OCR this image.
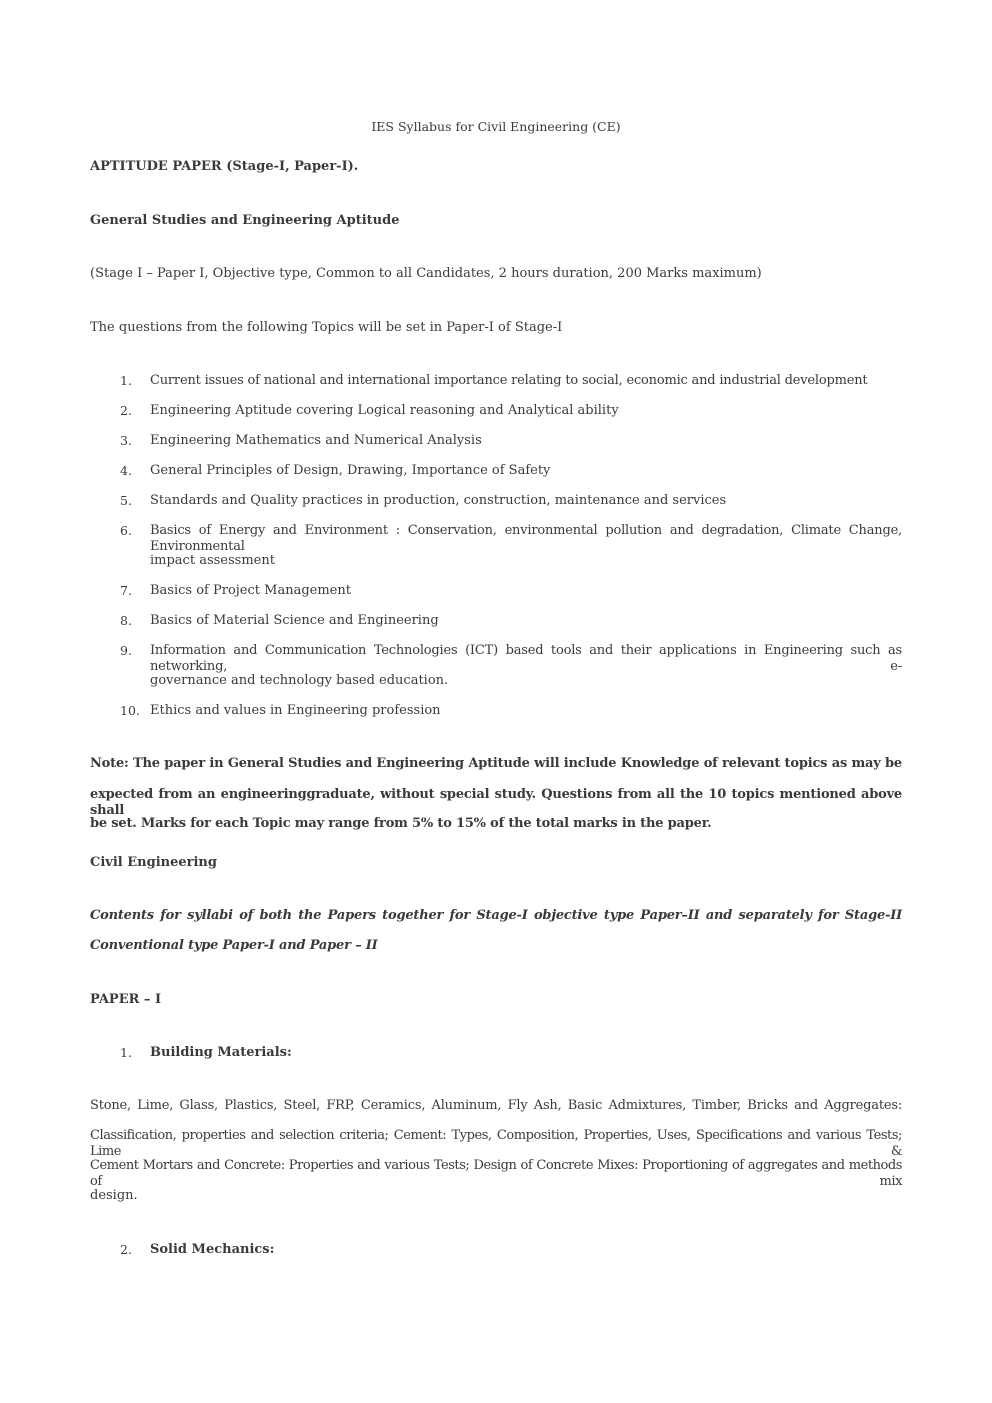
IES Syllabus for Civil Engineering (CE)

APTITUDE PAPER (Stage-I, Paper-I).

General Studies and Engineering Aptitude

(Stage I – Paper I, Objective type, Common to all Candidates, 2 hours duration, 200 Marks maximum)

The questions from the following Topics will be set in Paper-I of Stage-I

1. Current issues of national and international importance relating to social, economic and industrial development

2. Engineering Aptitude covering Logical reasoning and Analytical ability

3. Engineering Mathematics and Numerical Analysis

4. General Principles of Design, Drawing, Importance of Safety

5. Standards and Quality practices in production, construction, maintenance and services

6. Basics of Energy and Environment : Conservation, environmental pollution and degradation, Climate Change, Environmental

impact assessment

7. Basics of Project Management

8. Basics of Material Science and Engineering

9. Information and Communication Technologies (ICT) based tools and their applications in Engineering such as networking, e-

governance and technology based education.

10. Ethics and values in Engineering profession

Note: The paper in General Studies and Engineering Aptitude will include Knowledge of relevant topics as may be

expected from an engineeringgraduate, without special study. Questions from all the 10 topics mentioned above shall

be set. Marks for each Topic may range from 5% to 15% of the total marks in the paper.

Civil Engineering

Contents for syllabi of both the Papers together for Stage-I objective type Paper–II and separately for Stage-II

Conventional type Paper-I and Paper – II

PAPER – I

1. Building Materials:

Stone, Lime, Glass, Plastics, Steel, FRP, Ceramics, Aluminum, Fly Ash, Basic Admixtures, Timber, Bricks and Aggregates:

Classification, properties and selection criteria; Cement: Types, Composition, Properties, Uses, Specifications and various Tests; Lime &

Cement Mortars and Concrete: Properties and various Tests; Design of Concrete Mixes: Proportioning of aggregates and methods of mix

design.

2. Solid Mechanics:
